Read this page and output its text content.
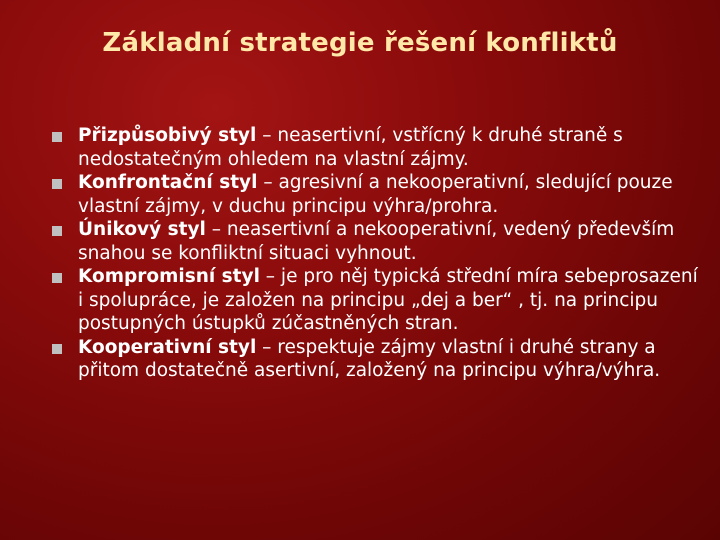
Základní strategie řešení konfliktů
Přizpůsobivý styl – neasertivní, vstřícný k druhé straně s nedostatečným ohledem na vlastní zájmy.
Konfrontační styl – agresivní a nekooperativní, sledující pouze vlastní zájmy, v duchu principu výhra/prohra.
Únikový styl – neasertivní a nekooperativní, vedený především snahou se konfliktní situaci vyhnout.
Kompromisní styl – je pro něj typická střední míra sebeprosazení i spolupráce, je založen na principu „dej a ber“ , tj. na principu postupných ústupků zúčastněných stran.
Kooperativní styl – respektuje zájmy vlastní i druhé strany a přitom dostatečně asertivní, založený na principu výhra/výhra.
